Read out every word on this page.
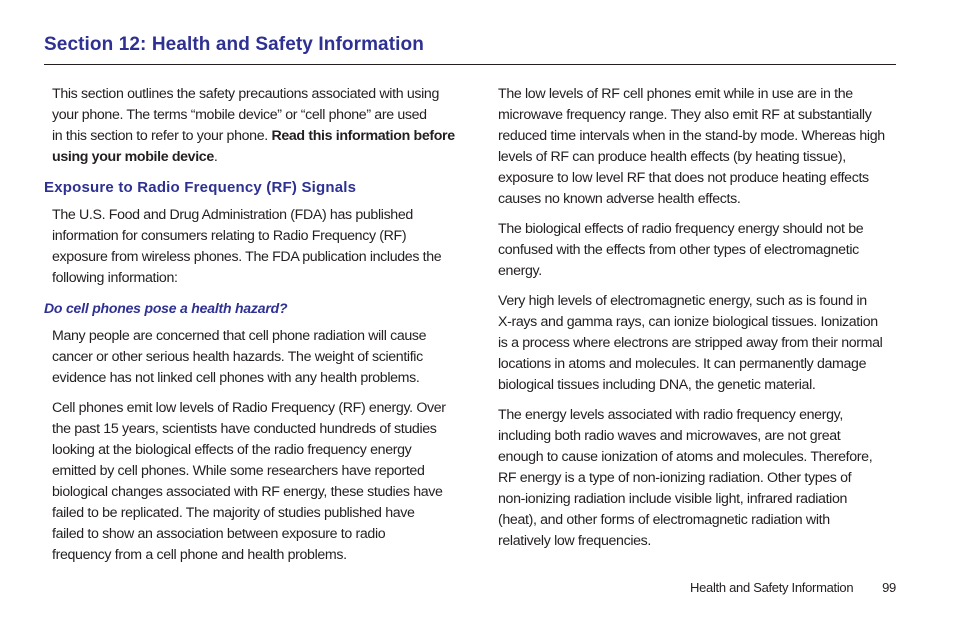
Section 12: Health and Safety Information

This section outlines the safety precautions associated with using
your phone. The terms “mobile device” or “cell phone” are used
in this section to refer to your phone. Read this information before
using your mobile device.

Exposure to Radio Frequency (RF) Signals

The U.S. Food and Drug Administration (FDA) has published
information for consumers relating to Radio Frequency (RF)
exposure from wireless phones. The FDA publication includes the
following information:

Do cell phones pose a health hazard?

Many people are concerned that cell phone radiation will cause
cancer or other serious health hazards. The weight of scientific
evidence has not linked cell phones with any health problems.

Cell phones emit low levels of Radio Frequency (RF) energy. Over
the past 15 years, scientists have conducted hundreds of studies
looking at the biological effects of the radio frequency energy
emitted by cell phones. While some researchers have reported
biological changes associated with RF energy, these studies have
failed to be replicated. The majority of studies published have
failed to show an association between exposure to radio
frequency from a cell phone and health problems.

The low levels of RF cell phones emit while in use are in the
microwave frequency range. They also emit RF at substantially
reduced time intervals when in the stand-by mode. Whereas high
levels of RF can produce health effects (by heating tissue),
exposure to low level RF that does not produce heating effects
causes no known adverse health effects.

The biological effects of radio frequency energy should not be
confused with the effects from other types of electromagnetic
energy.

Very high levels of electromagnetic energy, such as is found in
X-rays and gamma rays, can ionize biological tissues. Ionization
is a process where electrons are stripped away from their normal
locations in atoms and molecules. It can permanently damage
biological tissues including DNA, the genetic material.

The energy levels associated with radio frequency energy,
including both radio waves and microwaves, are not great
enough to cause ionization of atoms and molecules. Therefore,
RF energy is a type of non-ionizing radiation. Other types of
non-ionizing radiation include visible light, infrared radiation
(heat), and other forms of electromagnetic radiation with
relatively low frequencies.

Health and Safety Information 99
